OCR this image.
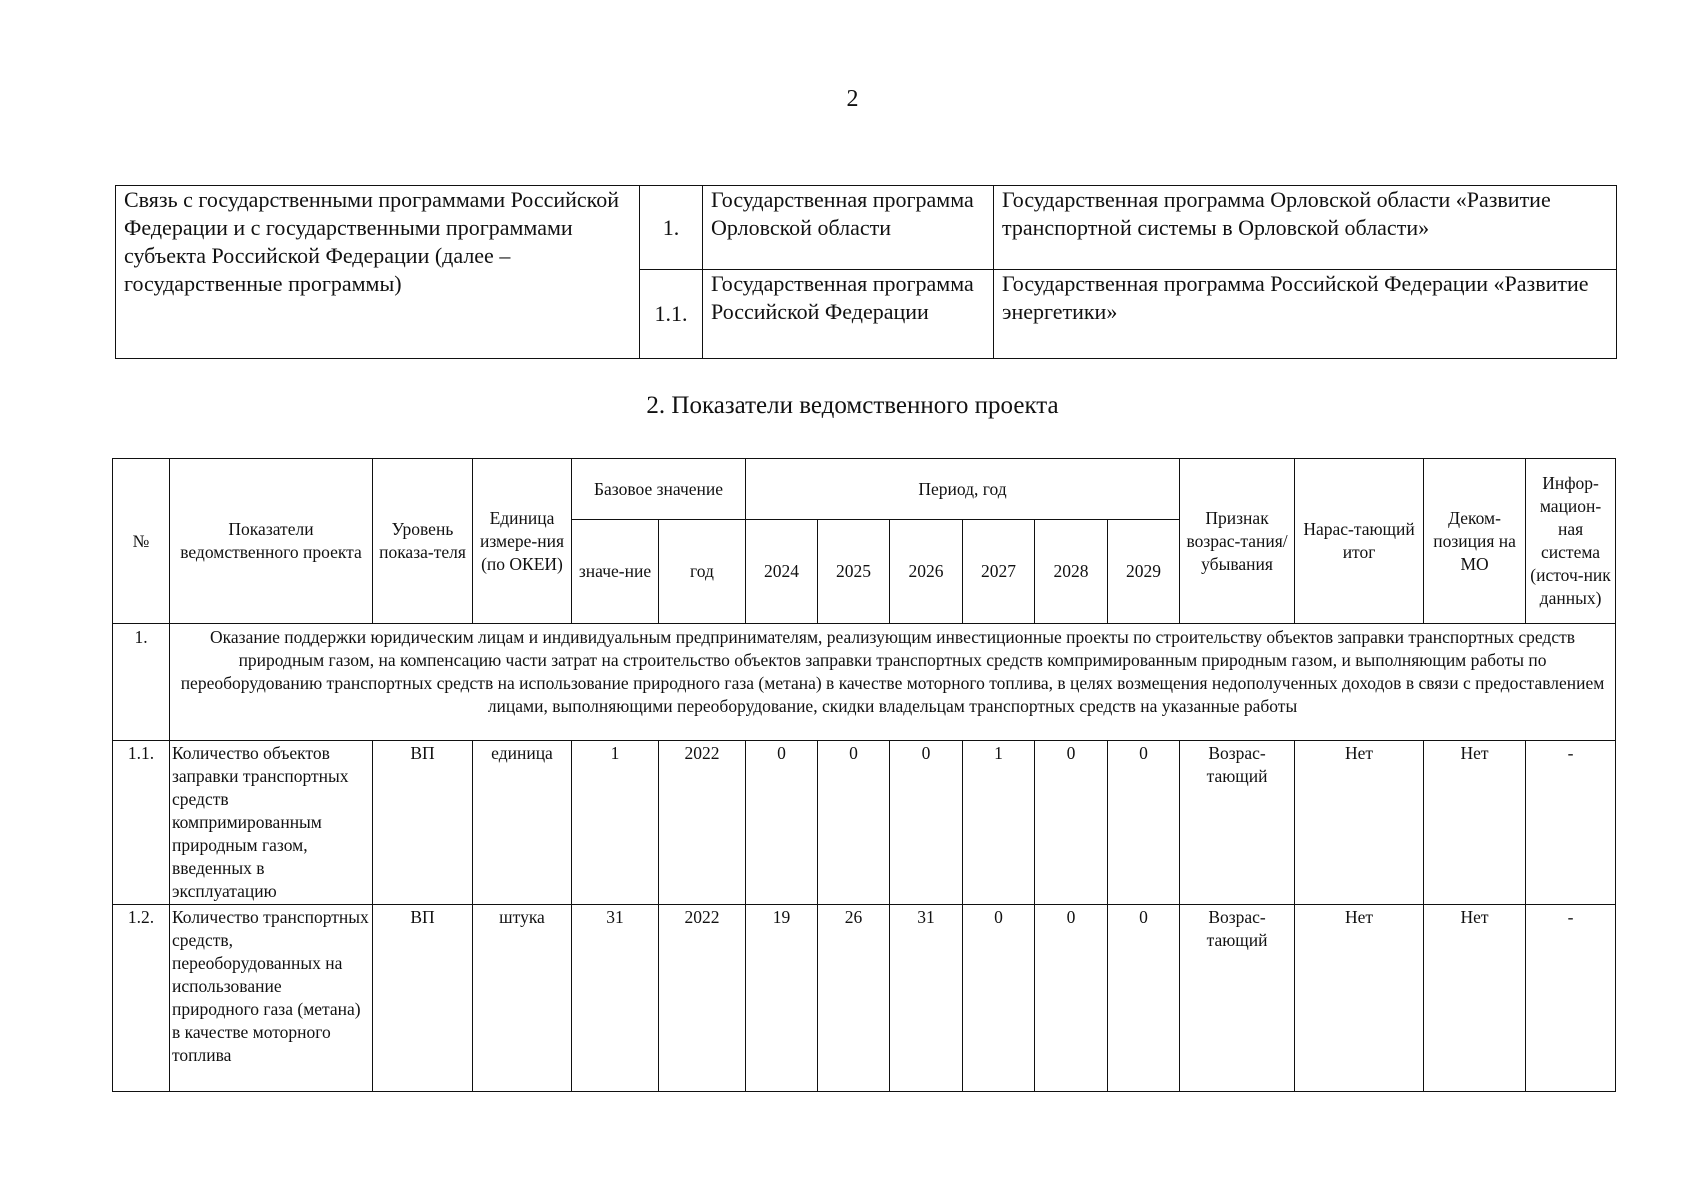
2
Связь с государственными программами Российской Федерации и с государственными программами субъекта Российской Федерации (далее – государственные программы)	1.	Государственная программа Орловской области	Государственная программа Орловской области «Развитие транспортной системы в Орловской области»
	1.1.	Государственная программа Российской Федерации	Государственная программа Российской Федерации «Развитие энергетики»
2. Показатели ведомственного проекта
№	Показатели ведомственного проекта	Уровень показа-теля	Единица измере-ния (по ОКЕИ)	Базовое значение		Период, год						Признак возрас-тания/ убывания	Нарас-тающий итог	Деком-позиция на МО	Инфор-мацион-ная система (источ-ник данных)
				значе-ние	год	2024	2025	2026	2027	2028	2029				
1.	Оказание поддержки юридическим лицам и индивидуальным предпринимателям, реализующим инвестиционные проекты по строительству объектов заправки транспортных средств природным газом, на компенсацию части затрат на строительство объектов заправки транспортных средств компримированным природным газом, и выполняющим работы по переоборудованию транспортных средств на использование природного газа (метана) в качестве моторного топлива, в целях возмещения недополученных доходов в связи с предоставлением лицами, выполняющими переоборудование, скидки владельцам транспортных средств на указанные работы														
1.1.	Количество объектов заправки транспортных средств компримированным природным газом, введенных в эксплуатацию	ВП	единица	1	2022	0	0	0	1	0	0	Возрас-тающий	Нет	Нет	-
1.2.	Количество транспортных средств, переоборудованных на использование природного газа (метана) в качестве моторного топлива	ВП	штука	31	2022	19	26	31	0	0	0	Возрас-тающий	Нет	Нет	-
